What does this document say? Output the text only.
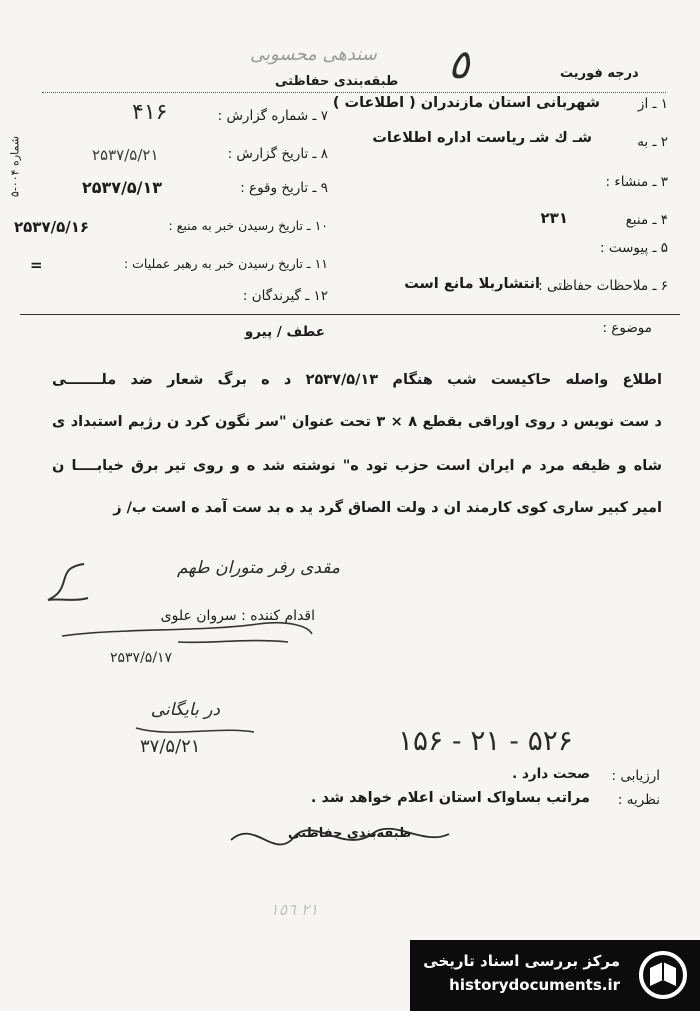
سندهی محسوبی ٥
طبقه‌بندی حفاظتی
درجه فوریت
شماره ۰۰۴-۵
۱ ـ از
شهربانی استان مازندران ( اطلاعات )
۲ ـ به
شـ ك شـ رياست اداره اطلاعات
۳ ـ منشاء :
۴ ـ منبع
۲۳۱
۵ ـ پیوست :
۶ ـ ملاحظات حفاظتی :
انتشاربلا مانع است
۷ ـ شماره گزارش :
۴۱۶
۸ ـ تاریخ گزارش :
۲۵۳۷/۵/۲۱
۹ ـ تاریخ وقوع :
۲۵۳۷/۵/۱۳
۱۰ ـ تاریخ رسیدن خبر به منبع :
۲۵۳۷/۵/۱۶
۱۱ ـ تاریخ رسیدن خبر به رهبر عملیات :
=
۱۲ ـ گیرندگان :
موضوع :
عطف / پیرو
اطلاع واصله حاکیست شب هنگام ۲۵۳۷/۵/۱۳ د ‌ه ‌برگ شعار ضد ملـــــــی
د ست نویس د روی اوراقی بقطع ۸ × ۳ تحت عنوان "سر نگون کرد ن رژیم استبداد ی
شاه و ظیفه مرد م ایران است حزب تود ه" نوشته شد ه و روی تیر برق خیابــــا ن
امیر کبیر ساری کوی کارمند ان د ولت الصاق گرد ید ه بد ست آمد ه است ب/ ز
مقدی رفر متوران طهم
اقدام کننده : سروان علوی
۲۵۳۷/۵/۱۷
در بایگانی
۳۷/۵/۲۱	۱۵۶ - ۲۱ - ۵۲۶
ارزیابی :
صحت دارد .
نظریه :
مراتب بساواک استان اعلام خواهد شد .
طبقه‌بندی حفاظتی
٢١ ١٥٦
مرکز بررسی اسناد تاریخی
historydocuments.ir
